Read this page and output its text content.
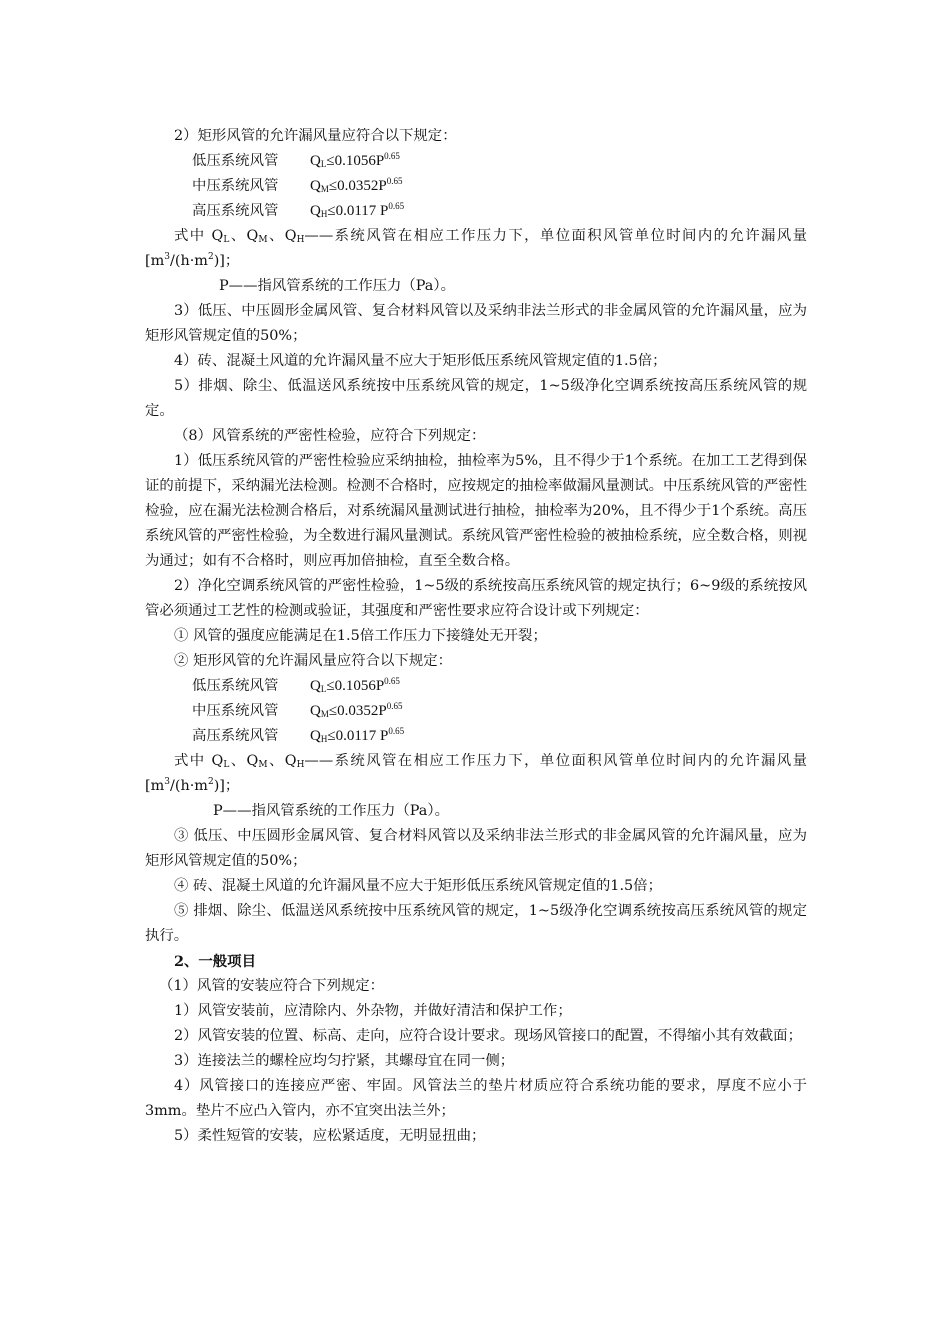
2）矩形风管的允许漏风量应符合以下规定：

低压系统风管	$Q_L\le 0.1056P^{0.65}$
中压系统风管	$Q_M\le 0.0352P^{0.65}$
高压系统风管	$Q_H\le 0.0117$ $P^{0.65}$

式中 $Q_L$、$Q_M$、$Q_H——$系统风管在相应工作压力下，单位面积风管单位时间内的允许漏风量$[m^3/(h\cdot m^2)]$；

P——指风管系统的工作压力（Pa）。

3）低压、中压圆形金属风管、复合材料风管以及采纳非法兰形式的非金属风管的允许漏风量，应为矩形风管规定值的50%；

4）砖、混凝土风道的允许漏风量不应大于矩形低压系统风管规定值的1.5倍；

5）排烟、除尘、低温送风系统按中压系统风管的规定，1~5级净化空调系统按高压系统风管的规定。

（8）风管系统的严密性检验，应符合下列规定：

1）低压系统风管的严密性检验应采纳抽检，抽检率为5%，且不得少于1个系统。在加工工艺得到保证的前提下，采纳漏光法检测。检测不合格时，应按规定的抽检率做漏风量测试。中压系统风管的严密性检验，应在漏光法检测合格后，对系统漏风量测试进行抽检，抽检率为20%，且不得少于1个系统。高压系统风管的严密性检验，为全数进行漏风量测试。系统风管严密性检验的被抽检系统，应全数合格，则视为通过；如有不合格时，则应再加倍抽检，直至全数合格。

2）净化空调系统风管的严密性检验，1~5级的系统按高压系统风管的规定执行；6~9级的系统按风管必须通过工艺性的检测或验证，其强度和严密性要求应符合设计或下列规定：

① 风管的强度应能满足在1.5倍工作压力下接缝处无开裂；

② 矩形风管的允许漏风量应符合以下规定：

低压系统风管	$Q_L\le 0.1056P^{0.65}$
中压系统风管	$Q_M\le 0.0352P^{0.65}$
高压系统风管	$Q_H\le 0.0117$ $P^{0.65}$

式中 $Q_L$、$Q_M$、$Q_H——$系统风管在相应工作压力下，单位面积风管单位时间内的允许漏风量$[m^3/(h\cdot m^2)]$；

P——指风管系统的工作压力（Pa）。

③ 低压、中压圆形金属风管、复合材料风管以及采纳非法兰形式的非金属风管的允许漏风量，应为矩形风管规定值的50%；

④ 砖、混凝土风道的允许漏风量不应大于矩形低压系统风管规定值的1.5倍；

⑤ 排烟、除尘、低温送风系统按中压系统风管的规定，1~5级净化空调系统按高压系统风管的规定执行。

2、一般项目

（1）风管的安装应符合下列规定：

1）风管安装前，应清除内、外杂物，并做好清洁和保护工作；

2）风管安装的位置、标高、走向，应符合设计要求。现场风管接口的配置，不得缩小其有效截面；

3）连接法兰的螺栓应均匀拧紧，其螺母宜在同一侧；

4）风管接口的连接应严密、牢固。风管法兰的垫片材质应符合系统功能的要求，厚度不应小于3mm。垫片不应凸入管内，亦不宜突出法兰外；

5）柔性短管的安装，应松紧适度，无明显扭曲；
